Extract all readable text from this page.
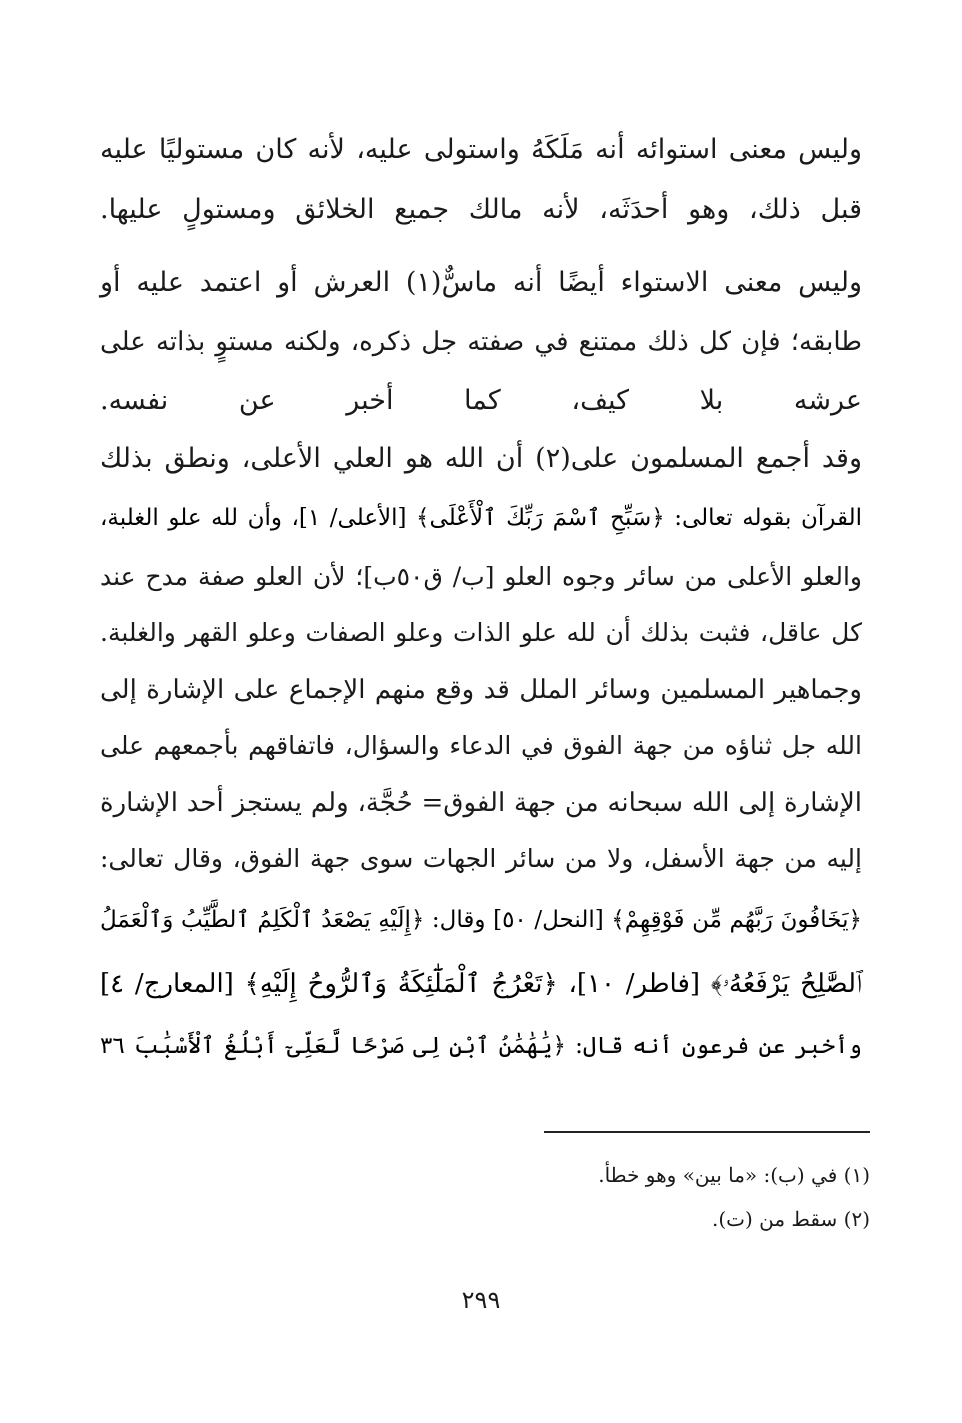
وليس معنى استوائه أنه مَلَكَهُ واستولى عليه، لأنه كان مستوليًا عليه
قبل ذلك، وهو أحدَثَه، لأنه مالك جميع الخلائق ومستولٍ عليها.
وليس معنى الاستواء أيضًا أنه ماسٌّ(١) العرش أو اعتمد عليه أو
طابقه؛ فإن كل ذلك ممتنع في صفته جل ذكره، ولكنه مستوٍ بذاته على
عرشه بلا كيف، كما أخبر عن نفسه.
وقد أجمع المسلمون على(٢) أن الله هو العلي الأعلى، ونطق بذلك
القرآن بقوله تعالى: ﴿سَبِّحِ ٱسْمَ رَبِّكَ ٱلْأَعْلَى﴾ [الأعلى/ ١]، وأن لله علو الغلبة،
والعلو الأعلى من سائر وجوه العلو [ب/ ق٥٠ب]؛ لأن العلو صفة مدح عند
كل عاقل، فثبت بذلك أن لله علو الذات وعلو الصفات وعلو القهر والغلبة.
وجماهير المسلمين وسائر الملل قد وقع منهم الإجماع على الإشارة إلى
الله جل ثناؤه من جهة الفوق في الدعاء والسؤال، فاتفاقهم بأجمعهم على
الإشارة إلى الله سبحانه من جهة الفوق= حُجَّة، ولم يستجز أحد الإشارة
إليه من جهة الأسفل، ولا من سائر الجهات سوى جهة الفوق، وقال تعالى:
﴿يَخَافُونَ رَبَّهُم مِّن فَوْقِهِمْ﴾ [النحل/ ٥٠] وقال: ﴿إِلَيْهِ يَصْعَدُ ٱلْكَلِمُ ٱلطَّيِّبُ وَٱلْعَمَلُ
ٱلصَّٰلِحُ يَرْفَعُهُۥ﴾ [فاطر/ ١٠]، ﴿تَعْرُجُ ٱلْمَلَٰٓئِكَةُ وَٱلرُّوحُ إِلَيْهِ﴾ [المعارج/ ٤]
وأخبر عن فرعون أنه قال: ﴿يَٰهَٰمَٰنُ ٱبْنِ لِى صَرْحًا لَّعَلِّىٓ أَبْلُغُ ٱلْأَسْبَٰبَ ٣٦
(١) في (ب): «ما بين» وهو خطأ.
(٢) سقط من (ت).
٢٩٩
